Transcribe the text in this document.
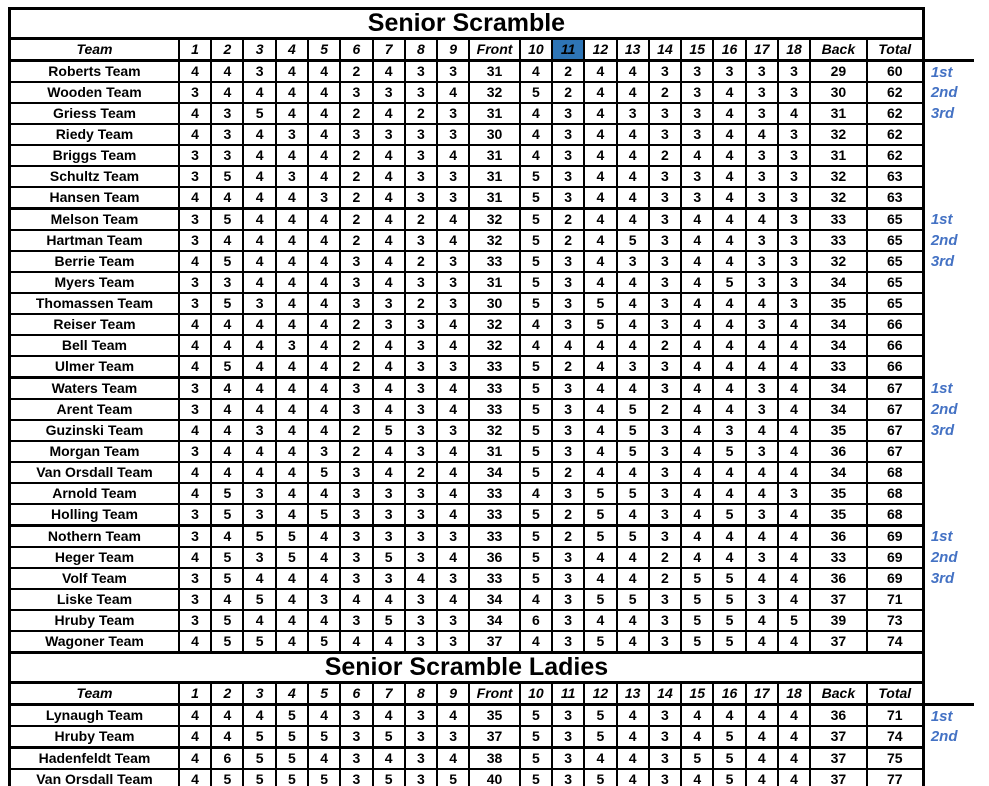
Senior Scramble																						
Team	1	2	3	4	5	6	7	8	9	Front	10	11	12	13	14	15	16	17	18	Back	Total	
Roberts Team	4	4	3	4	4	2	4	3	3	31	4	2	4	4	3	3	3	3	3	29	60	1st
Wooden Team	3	4	4	4	4	3	3	3	4	32	5	2	4	4	2	3	4	3	3	30	62	2nd
Griess Team	4	3	5	4	4	2	4	2	3	31	4	3	4	3	3	3	4	3	4	31	62	3rd
Riedy Team	4	3	4	3	4	3	3	3	3	30	4	3	4	4	3	3	4	4	3	32	62	
Briggs Team	3	3	4	4	4	2	4	3	4	31	4	3	4	4	2	4	4	3	3	31	62	
Schultz Team	3	5	4	3	4	2	4	3	3	31	5	3	4	4	3	3	4	3	3	32	63	
Hansen Team	4	4	4	4	3	2	4	3	3	31	5	3	4	4	3	3	4	3	3	32	63	
Melson Team	3	5	4	4	4	2	4	2	4	32	5	2	4	4	3	4	4	4	3	33	65	1st
Hartman Team	3	4	4	4	4	2	4	3	4	32	5	2	4	5	3	4	4	3	3	33	65	2nd
Berrie Team	4	5	4	4	4	3	4	2	3	33	5	3	4	3	3	4	4	3	3	32	65	3rd
Myers Team	3	3	4	4	4	3	4	3	3	31	5	3	4	4	3	4	5	3	3	34	65	
Thomassen Team	3	5	3	4	4	3	3	2	3	30	5	3	5	4	3	4	4	4	3	35	65	
Reiser Team	4	4	4	4	4	2	3	3	4	32	4	3	5	4	3	4	4	3	4	34	66	
Bell Team	4	4	4	3	4	2	4	3	4	32	4	4	4	4	2	4	4	4	4	34	66	
Ulmer Team	4	5	4	4	4	2	4	3	3	33	5	2	4	3	3	4	4	4	4	33	66	
Waters Team	3	4	4	4	4	3	4	3	4	33	5	3	4	4	3	4	4	3	4	34	67	1st
Arent Team	3	4	4	4	4	3	4	3	4	33	5	3	4	5	2	4	4	3	4	34	67	2nd
Guzinski Team	4	4	3	4	4	2	5	3	3	32	5	3	4	5	3	4	3	4	4	35	67	3rd
Morgan Team	3	4	4	4	3	2	4	3	4	31	5	3	4	5	3	4	5	3	4	36	67	
Van Orsdall Team	4	4	4	4	5	3	4	2	4	34	5	2	4	4	3	4	4	4	4	34	68	
Arnold Team	4	5	3	4	4	3	3	3	4	33	4	3	5	5	3	4	4	4	3	35	68	
Holling Team	3	5	3	4	5	3	3	3	4	33	5	2	5	4	3	4	5	3	4	35	68	
Nothern Team	3	4	5	5	4	3	3	3	3	33	5	2	5	5	3	4	4	4	4	36	69	1st
Heger Team	4	5	3	5	4	3	5	3	4	36	5	3	4	4	2	4	4	3	4	33	69	2nd
Volf Team	3	5	4	4	4	3	3	4	3	33	5	3	4	4	2	5	5	4	4	36	69	3rd
Liske Team	3	4	5	4	3	4	4	3	4	34	4	3	5	5	3	5	5	3	4	37	71	
Hruby Team	3	5	4	4	4	3	5	3	3	34	6	3	4	4	3	5	5	4	5	39	73	
Wagoner Team	4	5	5	4	5	4	4	3	3	37	4	3	5	4	3	5	5	4	4	37	74	
Senior Scramble Ladies																						
Team	1	2	3	4	5	6	7	8	9	Front	10	11	12	13	14	15	16	17	18	Back	Total	
Lynaugh Team	4	4	4	5	4	3	4	3	4	35	5	3	5	4	3	4	4	4	4	36	71	1st
Hruby Team	4	4	5	5	5	3	5	3	3	37	5	3	5	4	3	4	5	4	4	37	74	2nd
Hadenfeldt Team	4	6	5	5	4	3	4	3	4	38	5	3	4	4	3	5	5	4	4	37	75	
Van Orsdall Team	4	5	5	5	5	3	5	3	5	40	5	3	5	4	3	4	5	4	4	37	77	
